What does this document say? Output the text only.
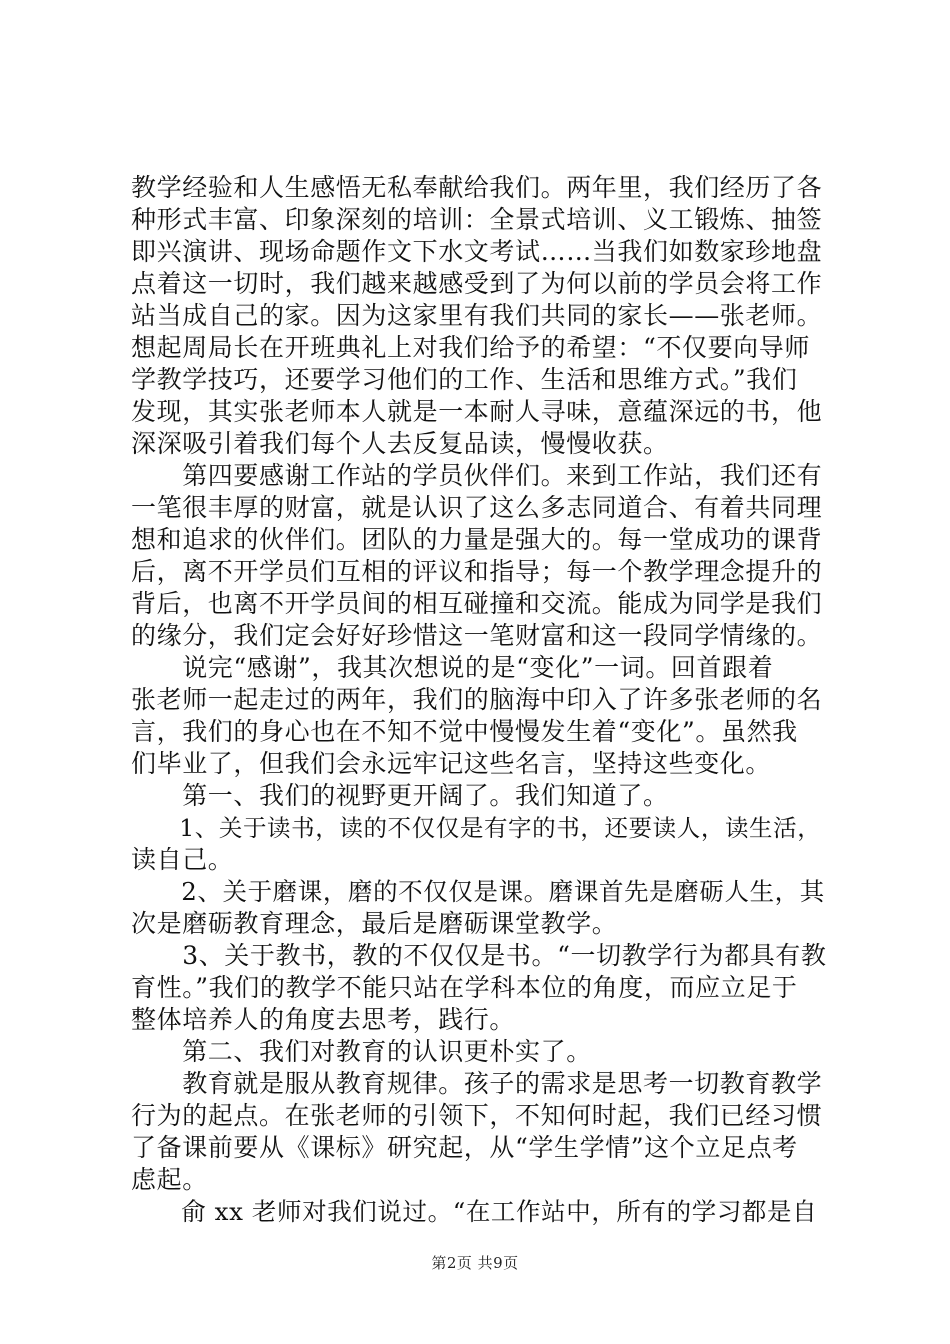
教学经验和人生感悟无私奉献给我们。两年里，我们经历了各
种形式丰富、印象深刻的培训：全景式培训、义工锻炼、抽签
即兴演讲、现场命题作文下水文考试……当我们如数家珍地盘
点着这一切时，我们越来越感受到了为何以前的学员会将工作
站当成自己的家。因为这家里有我们共同的家长——张老师。
想起周局长在开班典礼上对我们给予的希望：“不仅要向导师
学教学技巧，还要学习他们的工作、生活和思维方式。”我们
发现，其实张老师本人就是一本耐人寻味，意蕴深远的书，他
深深吸引着我们每个人去反复品读，慢慢收获。
　　第四要感谢工作站的学员伙伴们。来到工作站，我们还有
一笔很丰厚的财富，就是认识了这么多志同道合、有着共同理
想和追求的伙伴们。团队的力量是强大的。每一堂成功的课背
后，离不开学员们互相的评议和指导；每一个教学理念提升的
背后，也离不开学员间的相互碰撞和交流。能成为同学是我们
的缘分，我们定会好好珍惜这一笔财富和这一段同学情缘的。
　　说完“感谢”，我其次想说的是“变化”一词。回首跟着
张老师一起走过的两年，我们的脑海中印入了许多张老师的名
言，我们的身心也在不知不觉中慢慢发生着“变化”。虽然我
们毕业了，但我们会永远牢记这些名言，坚持这些变化。
　　第一、我们的视野更开阔了。我们知道了。
　　1、关于读书，读的不仅仅是有字的书，还要读人，读生活，
读自己。
　　2、关于磨课，磨的不仅仅是课。磨课首先是磨砺人生，其
次是磨砺教育理念，最后是磨砺课堂教学。
　　3、关于教书，教的不仅仅是书。“一切教学行为都具有教
育性。”我们的教学不能只站在学科本位的角度，而应立足于
整体培养人的角度去思考，践行。
　　第二、我们对教育的认识更朴实了。
　　教育就是服从教育规律。孩子的需求是思考一切教育教学
行为的起点。在张老师的引领下，不知何时起，我们已经习惯
了备课前要从《课标》研究起，从“学生学情”这个立足点考
虑起。
　　俞 xx 老师对我们说过。“在工作站中，所有的学习都是自
第2页 共9页
